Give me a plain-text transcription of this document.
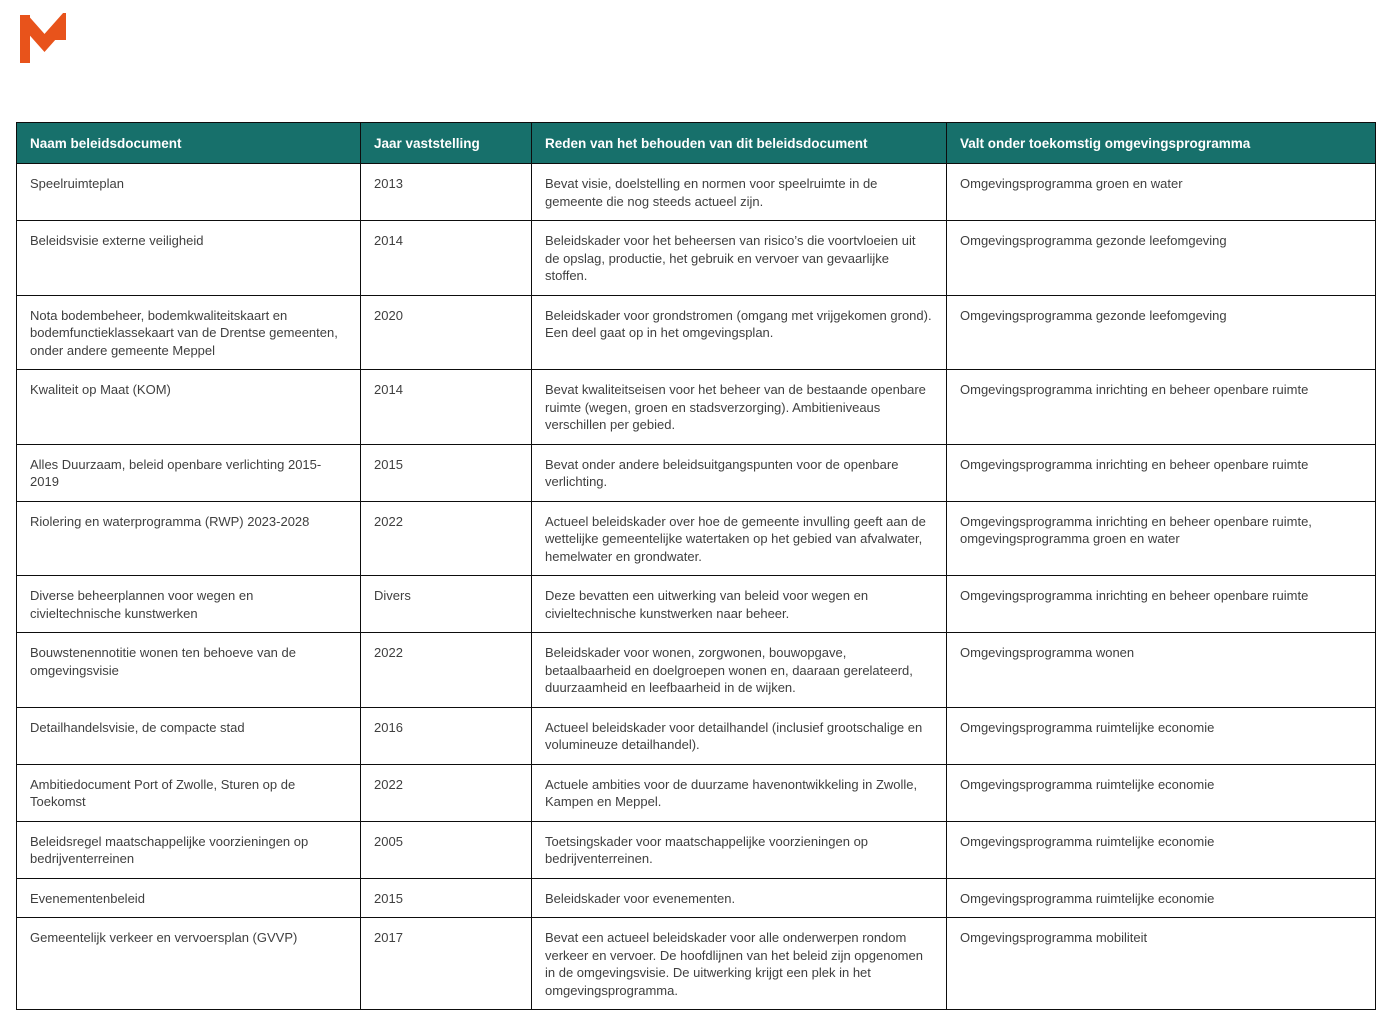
Naam beleidsdocument	Jaar vaststelling	Reden van het behouden van dit beleidsdocument	Valt onder toekomstig omgevingsprogramma
Speelruimteplan	2013	Bevat visie, doelstelling en normen voor speelruimte in de gemeente die nog steeds actueel zijn.	Omgevingsprogramma groen en water
Beleidsvisie externe veiligheid	2014	Beleidskader voor het beheersen van risico’s die voortvloeien uit de opslag, productie, het gebruik en vervoer van gevaarlijke stoffen.	Omgevingsprogramma gezonde leefomgeving
Nota bodembeheer, bodemkwaliteitskaart en bodemfunctieklassekaart van de Drentse gemeenten, onder andere gemeente Meppel	2020	Beleidskader voor grondstromen (omgang met vrijgekomen grond). Een deel gaat op in het omgevingsplan.	Omgevingsprogramma gezonde leefomgeving
Kwaliteit op Maat (KOM)	2014	Bevat kwaliteitseisen voor het beheer van de bestaande openbare ruimte (wegen, groen en stadsverzorging). Ambitieniveaus verschillen per gebied.	Omgevingsprogramma inrichting en beheer openbare ruimte
Alles Duurzaam, beleid openbare verlichting 2015-2019	2015	Bevat onder andere beleidsuitgangspunten voor de openbare verlichting.	Omgevingsprogramma inrichting en beheer openbare ruimte
Riolering en waterprogramma (RWP) 2023-2028	2022	Actueel beleidskader over hoe de gemeente invulling geeft aan de wettelijke gemeentelijke watertaken op het gebied van afvalwater, hemelwater en grondwater.	Omgevingsprogramma inrichting en beheer openbare ruimte, omgevingsprogramma groen en water
Diverse beheerplannen voor wegen en civieltechnische kunstwerken	Divers	Deze bevatten een uitwerking van beleid voor wegen en civieltechnische kunstwerken naar beheer.	Omgevingsprogramma inrichting en beheer openbare ruimte
Bouwstenennotitie wonen ten behoeve van de omgevingsvisie	2022	Beleidskader voor wonen, zorgwonen, bouwopgave, betaalbaarheid en doelgroepen wonen en, daaraan gerelateerd, duurzaamheid en leefbaarheid in de wijken.	Omgevingsprogramma wonen
Detailhandelsvisie, de compacte stad	2016	Actueel beleidskader voor detailhandel (inclusief grootschalige en volumineuze detailhandel).	Omgevingsprogramma ruimtelijke economie
Ambitiedocument Port of Zwolle, Sturen op de Toekomst	2022	Actuele ambities voor de duurzame havenontwikkeling in Zwolle, Kampen en Meppel.	Omgevingsprogramma ruimtelijke economie
Beleidsregel maatschappelijke voorzieningen op bedrijventerreinen	2005	Toetsingskader voor maatschappelijke voorzieningen op bedrijventerreinen.	Omgevingsprogramma ruimtelijke economie
Evenementenbeleid	2015	Beleidskader voor evenementen.	Omgevingsprogramma ruimtelijke economie
Gemeentelijk verkeer en vervoersplan (GVVP)	2017	Bevat een actueel beleidskader voor alle onderwerpen rondom verkeer en vervoer. De hoofdlijnen van het beleid zijn opgenomen in de omgevingsvisie. De uitwerking krijgt een plek in het omgevingsprogramma.	Omgevingsprogramma mobiliteit
